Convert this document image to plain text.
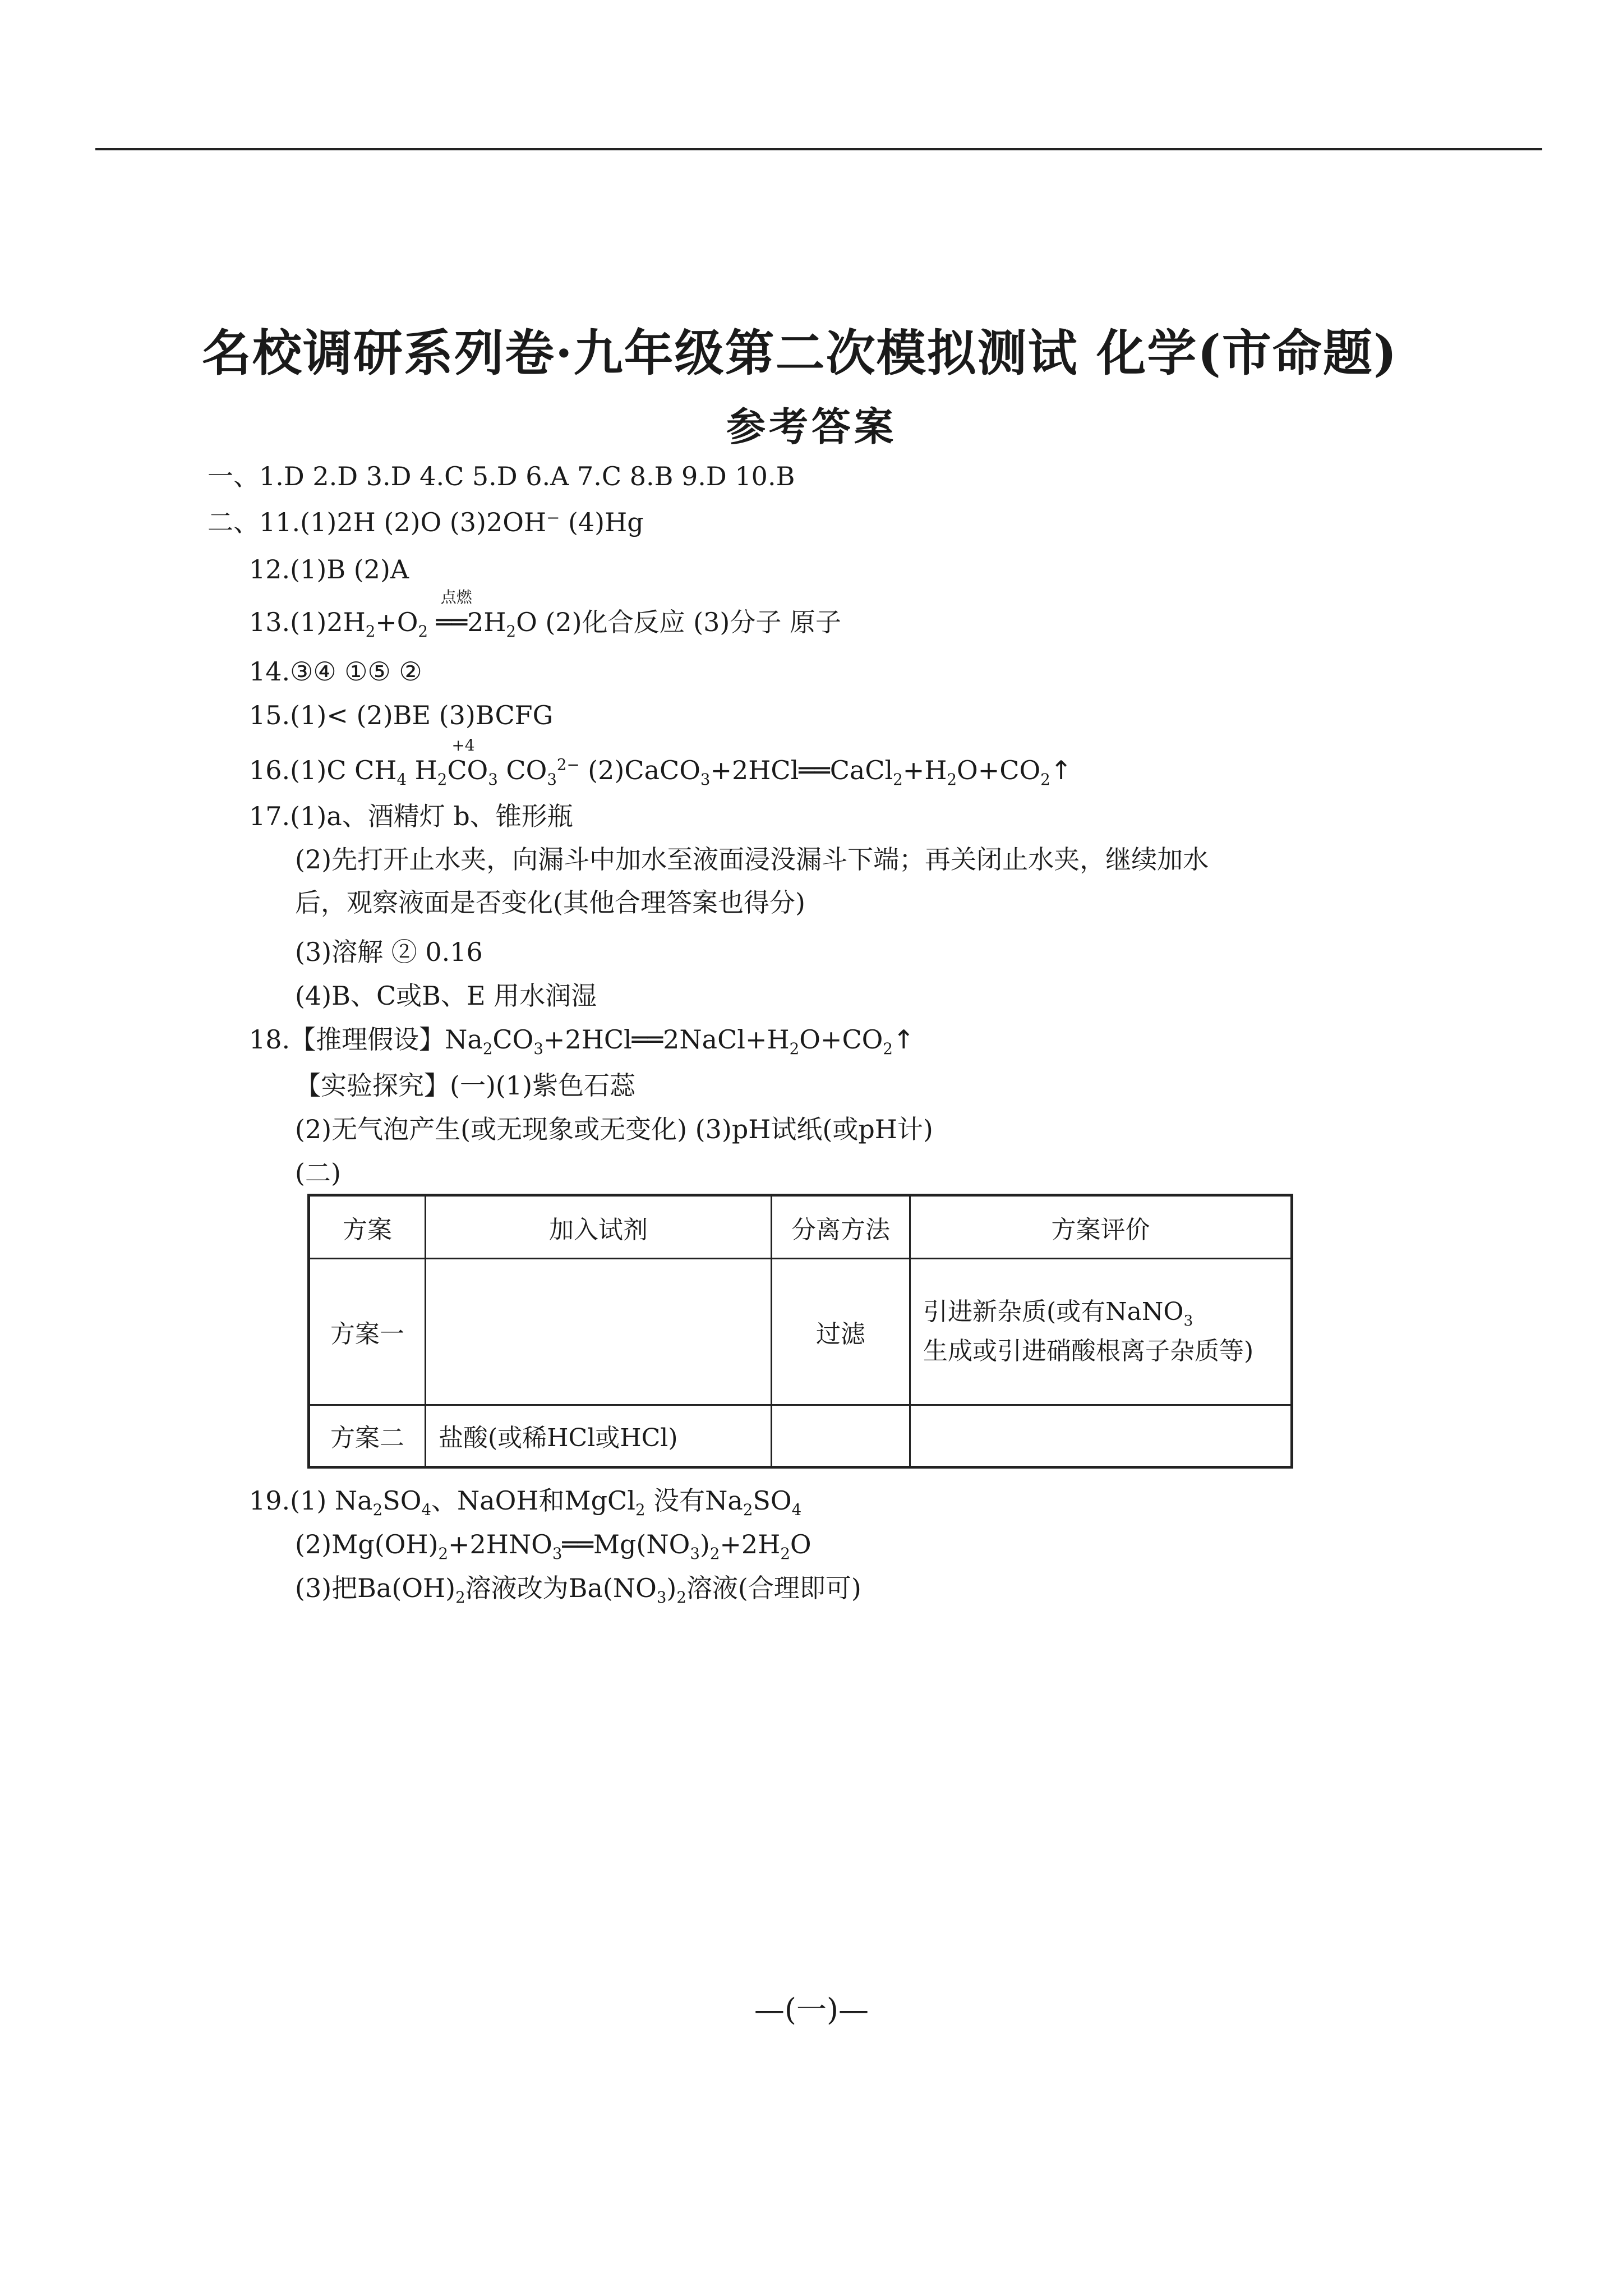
名校调研系列卷·九年级第二次模拟测试 化学(市命题)
参考答案
一、1.D 2.D 3.D 4.C 5.D 6.A 7.C 8.B 9.D 10.B
二、11.(1)2H (2)O (3)2OH⁻ (4)Hg
12.(1)B (2)A
$13.(1)2H_2+O_2$
点燃
$══2H_2O$ (2)化合反应 (3)分子 原子
14.③④ ①⑤ ②
15.(1)< (2)BE (3)BCFG
16.(1)C $CH_4$ $H_2$
+4
$CO_3$ $CO_3^{2-}$ $(2)CaCO_3+2HCl══CaCl_2+H_2O+CO_2↑$
17.(1)a、酒精灯 b、锥形瓶
(2)先打开止水夹，向漏斗中加水至液面浸没漏斗下端；再关闭止水夹，继续加水
后，观察液面是否变化(其他合理答案也得分)
(3)溶解 ② 0.16
(4)B、C或B、E 用水润湿
18.【推理假设】$Na_2CO_3+2HCl══2NaCl+H_2O+CO_2↑$
【实验探究】(一)(1)紫色石蕊
(2)无气泡产生(或无现象或无变化) (3)pH试纸(或pH计)
(二)
方案	加入试剂	分离方法	方案评价
方案一		过滤	引进新杂质(或有NaNO$_3$
生成或引进硝酸根离子杂质等)
方案二	盐酸(或稀HCl或HCl)		
19.(1) $Na_2SO_4$、NaOH和MgCl$_2$ 没有$Na_2SO_4$
$(2)Mg(OH)_2+2HNO_3══Mg(NO_3)_2+2H_2O$
(3)把$Ba(OH)_2$溶液改为$Ba(NO_3)_2$溶液(合理即可)
—(一)—
